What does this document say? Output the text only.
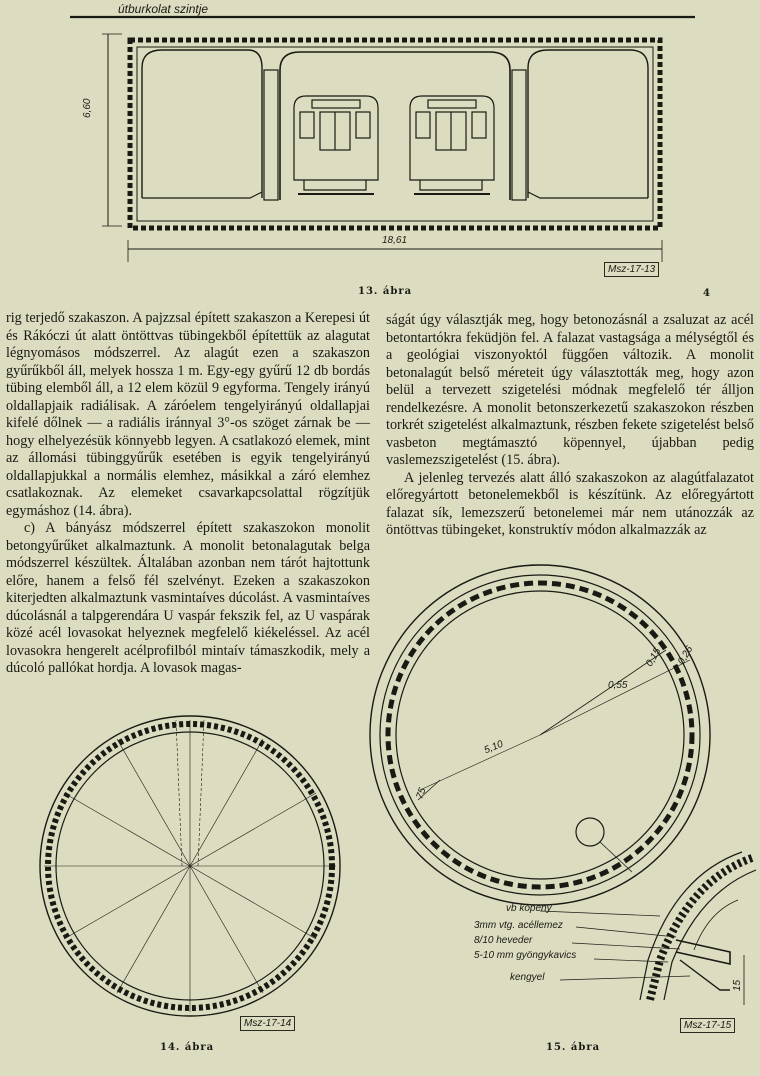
útburkolat szintje
6,60
18,61
Msz-17-13
13. ábra	4

rig terjedő szakaszon. A pajzzsal épített szakaszon a Kerepesi út és Rákóczi út alatt öntöttvas tübingekből építettük az alagutat légnyomásos módszerrel. Az alagút ezen a szakaszon gyűrűkből áll, melyek hossza 1 m. Egy-egy gyűrű 12 db bordás tübing elemből áll, a 12 elem közül 9 egyforma. Tengely irányú oldallapjaik radiálisak. A záróelem tengelyirányú oldallapjai kifelé dőlnek — a radiális iránnyal 3°-os szöget zárnak be — hogy elhelyezésük könnyebb legyen. A csatlakozó elemek, mint az állomási tübinggyűrűk esetében is egyik tengelyirányú oldallapjukkal a normális elemhez, másikkal a záró elemhez csatlakoznak. Az elemeket csavarkapcsolattal rögzítjük egymáshoz (14. ábra).

c) A bányász módszerrel épített szakaszokon monolit betongyűrűket alkalmaztunk. A monolit betonalagutak belga módszerrel készültek. Általában azonban nem tárót hajtottunk előre, hanem a felső fél szelvényt. Ezeken a szakaszokon kiterjedten alkalmaztunk vasmintaíves dúcolást. A vasmintaíves dúcolásnál a talpgerendára U vaspár fekszik fel, az U vaspárak közé acél lovasokat helyeznek megfelelő kiékeléssel. Az acél lovasokra hengerelt acélprofilból mintaív támaszkodik, mely a dúcoló pallókat hordja. A lovasok magas-

ságát úgy választják meg, hogy betonozásnál a zsaluzat az acél betontartókra feküdjön fel. A falazat vastagsága a mélységtől és a geológiai viszonyoktól függően változik. A monolit betonalagút belső méreteit úgy választották meg, hogy azon belül a tervezett szigetelési módnak megfelelő tér álljon rendelkezésre. A monolit betonszerkezetű szakaszokon részben torkrét szigetelést alkalmaztunk, részben fekete szigetelést belső vasbeton megtámasztó köpennyel, újabban pedig vaslemezszigetelést (15. ábra).

A jelenleg tervezés alatt álló szakaszokon az alagútfalazatot előregyártott betonelemekből is készítünk. Az előregyártott falazat sík, lemezszerű betonelemei már nem utánozzák az öntöttvas tübingeket, konstruktív módon alkalmazzák az

Msz-17-14
14. ábra
0,15 0,26
0,55
5,10
75
vb köpeny
3mm vtg. acéllemez
8/10 heveder
5-10 mm gyöngykavics
kengyel
15
Msz-17-15
15. ábra
